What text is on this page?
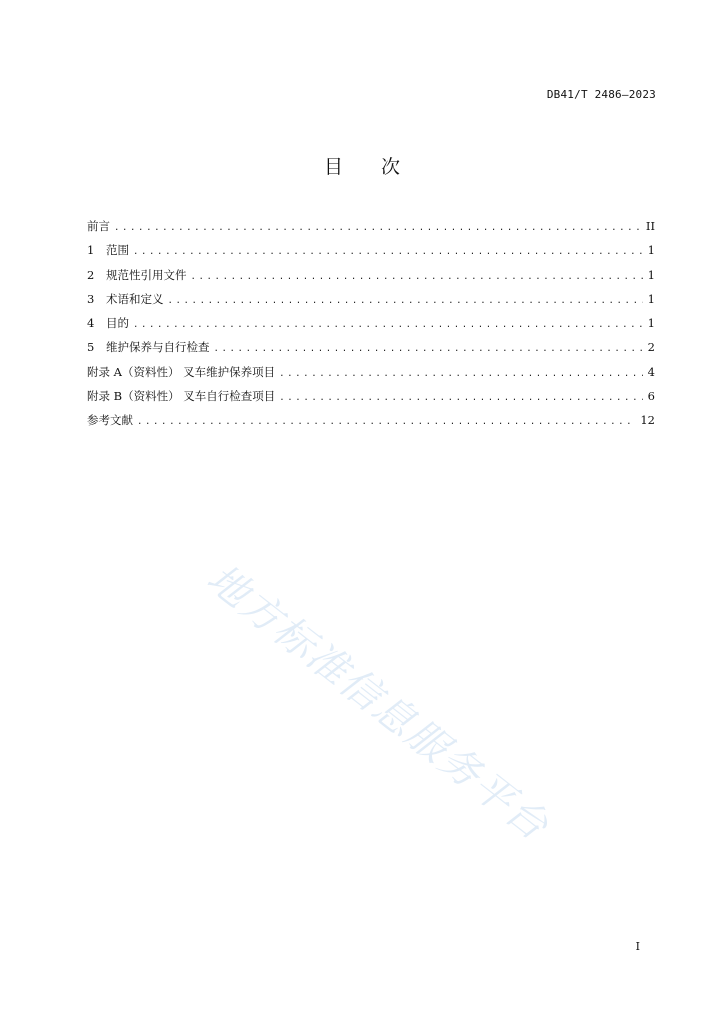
DB41/T 2486—2023
目 次
前言 .....	II
1	范围 .....	1
2	规范性引用文件 .....	1
3	术语和定义 .....	1
4	目的 .....	1
5	维护保养与自行检查 .....	2
附录 A（资料性） 叉车维护保养项目 .....	4
附录 B（资料性） 叉车自行检查项目 .....	6
参考文献 .....	12
地方标准信息服务平台
I
